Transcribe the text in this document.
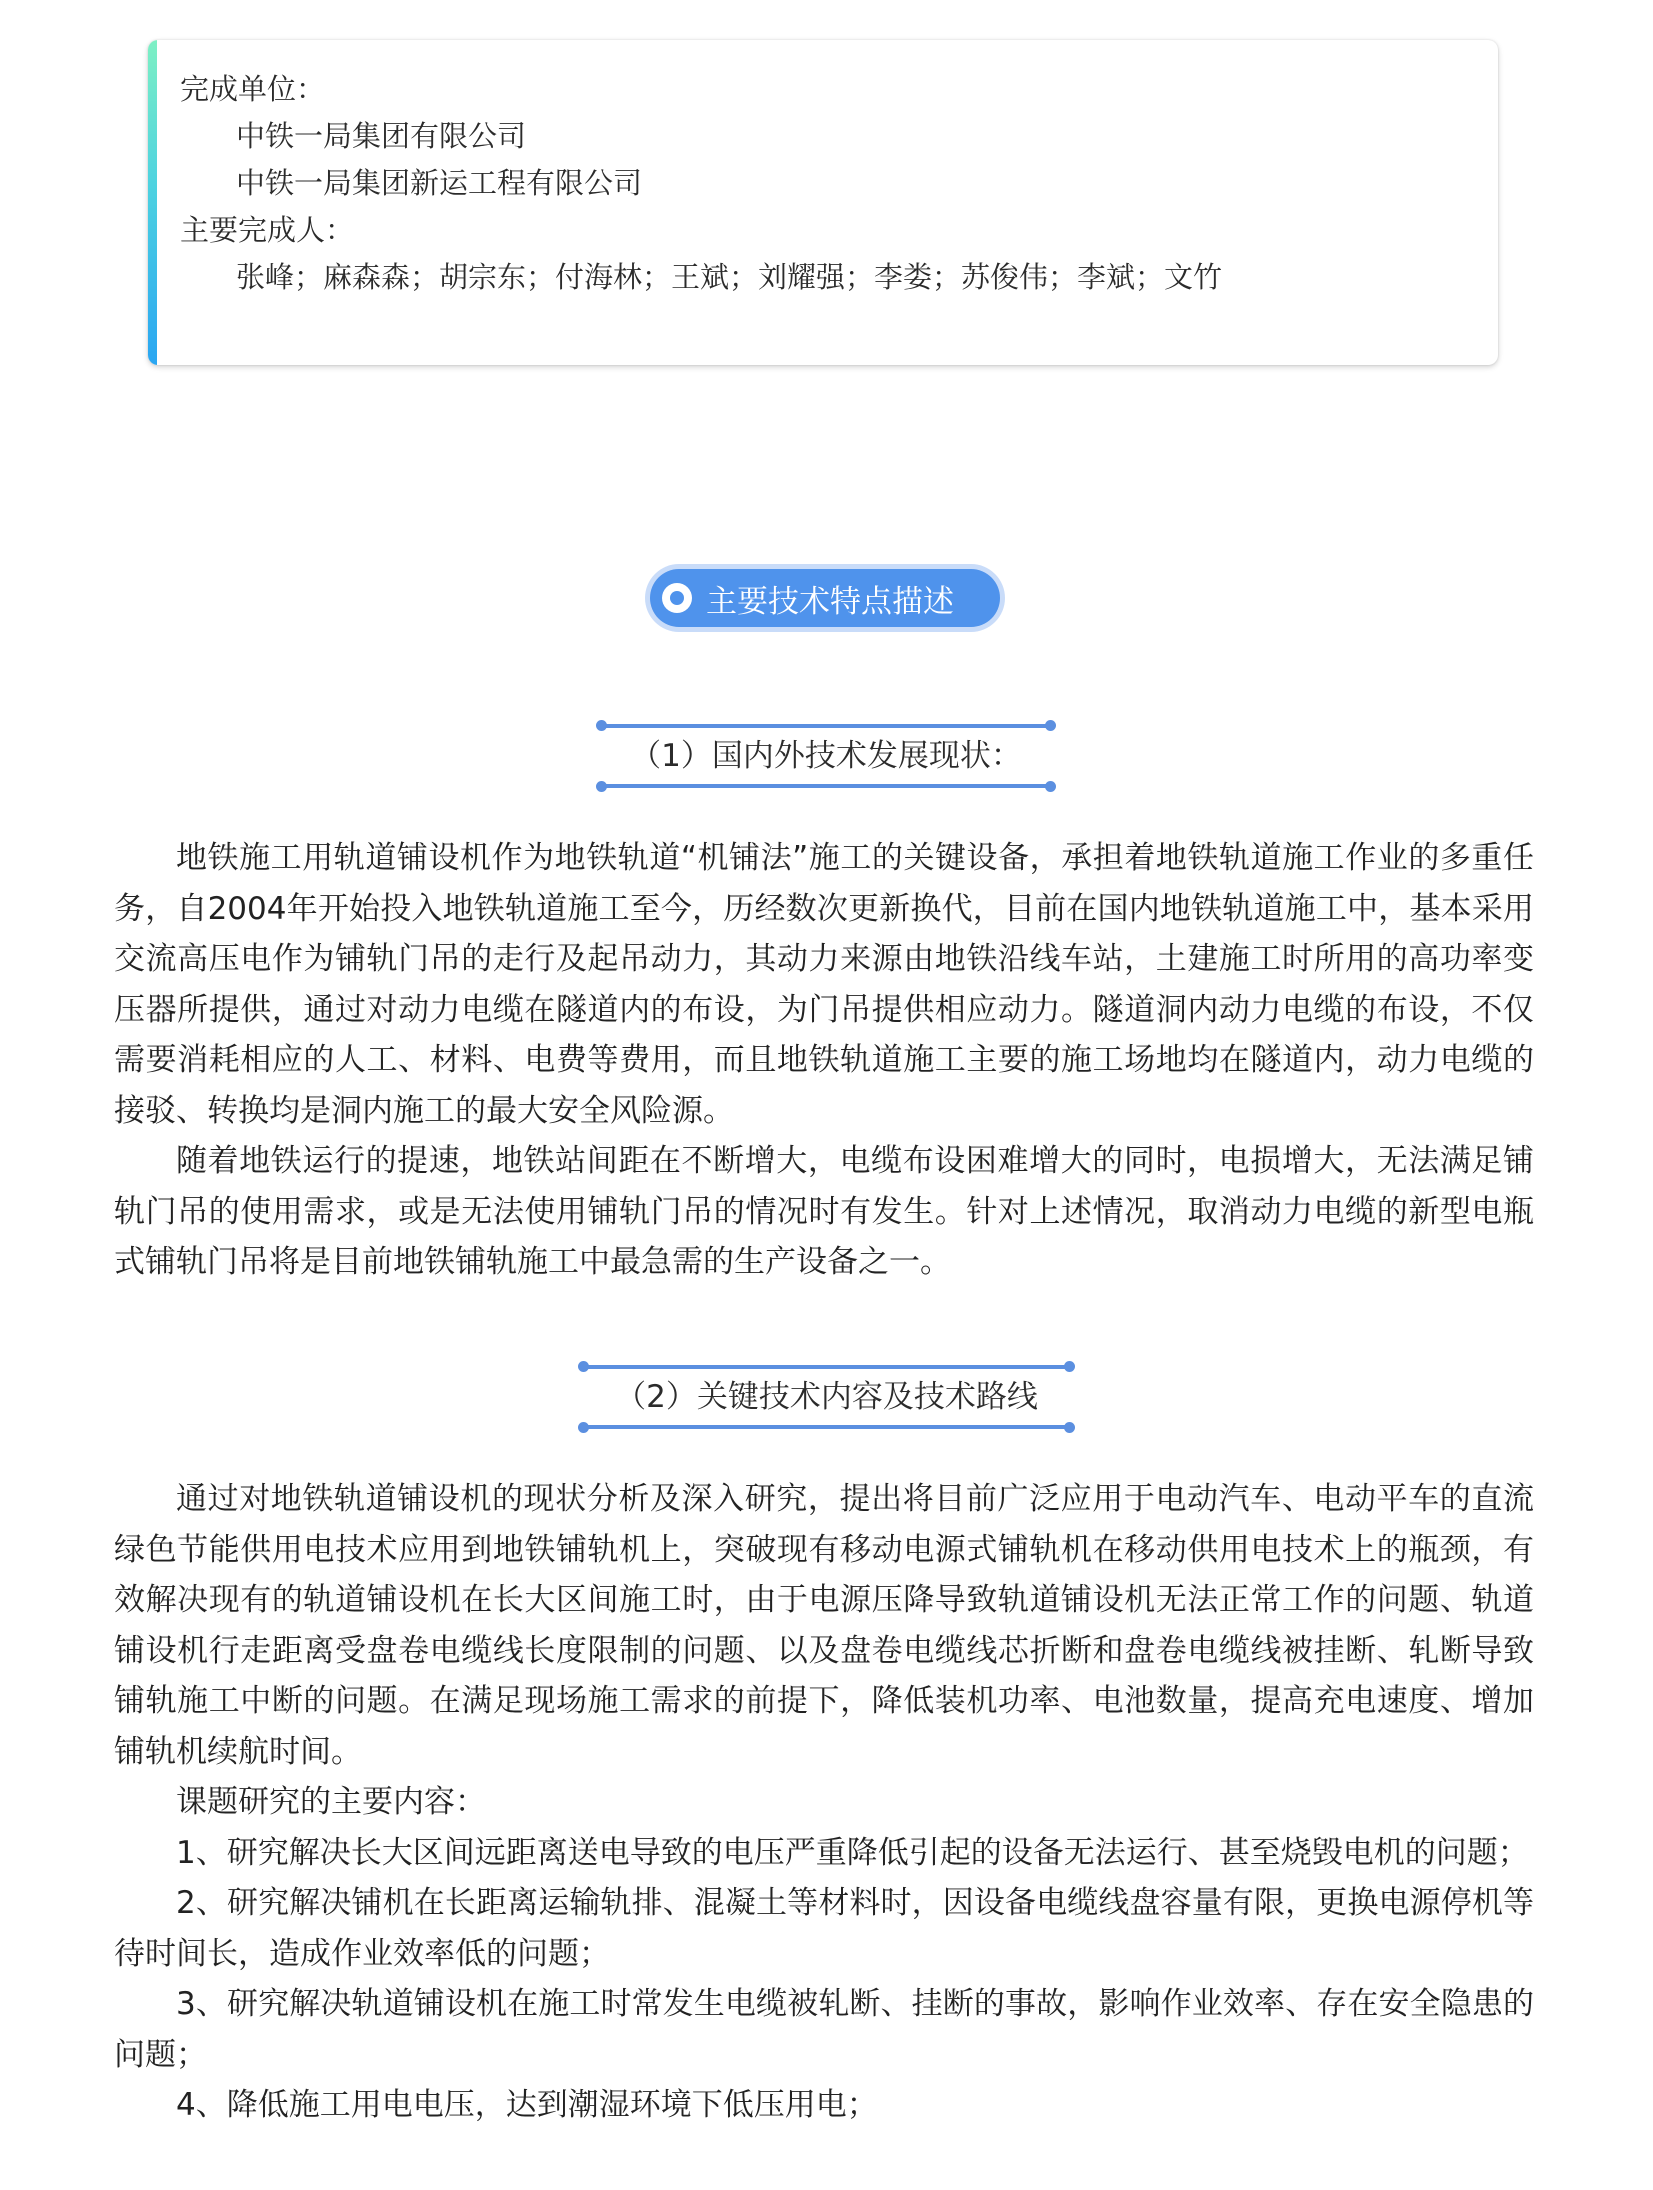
完成单位：
中铁一局集团有限公司
中铁一局集团新运工程有限公司
主要完成人：
张峰；麻森森；胡宗东；付海林；王斌；刘耀强；李娄；苏俊伟；李斌；文竹
主要技术特点描述
（1）国内外技术发展现状：

地铁施工用轨道铺设机作为地铁轨道“机铺法”施工的关键设备，承担着地铁轨道施工作业的多重任务，自2004年开始投入地铁轨道施工至今，历经数次更新换代，目前在国内地铁轨道施工中，基本采用交流高压电作为铺轨门吊的走行及起吊动力，其动力来源由地铁沿线车站，土建施工时所用的高功率变压器所提供，通过对动力电缆在隧道内的布设，为门吊提供相应动力。隧道洞内动力电缆的布设，不仅需要消耗相应的人工、材料、电费等费用，而且地铁轨道施工主要的施工场地均在隧道内，动力电缆的接驳、转换均是洞内施工的最大安全风险源。

随着地铁运行的提速，地铁站间距在不断增大，电缆布设困难增大的同时，电损增大，无法满足铺轨门吊的使用需求，或是无法使用铺轨门吊的情况时有发生。针对上述情况，取消动力电缆的新型电瓶式铺轨门吊将是目前地铁铺轨施工中最急需的生产设备之一。

（2）关键技术内容及技术路线

通过对地铁轨道铺设机的现状分析及深入研究，提出将目前广泛应用于电动汽车、电动平车的直流绿色节能供用电技术应用到地铁铺轨机上，突破现有移动电源式铺轨机在移动供用电技术上的瓶颈，有效解决现有的轨道铺设机在长大区间施工时，由于电源压降导致轨道铺设机无法正常工作的问题、轨道铺设机行走距离受盘卷电缆线长度限制的问题、以及盘卷电缆线芯折断和盘卷电缆线被挂断、轧断导致铺轨施工中断的问题。在满足现场施工需求的前提下，降低装机功率、电池数量，提高充电速度、增加铺轨机续航时间。

课题研究的主要内容：

1、研究解决长大区间远距离送电导致的电压严重降低引起的设备无法运行、甚至烧毁电机的问题；

2、研究解决铺机在长距离运输轨排、混凝土等材料时，因设备电缆线盘容量有限，更换电源停机等待时间长，造成作业效率低的问题；

3、研究解决轨道铺设机在施工时常发生电缆被轧断、挂断的事故，影响作业效率、存在安全隐患的问题；

4、降低施工用电电压，达到潮湿环境下低压用电；
